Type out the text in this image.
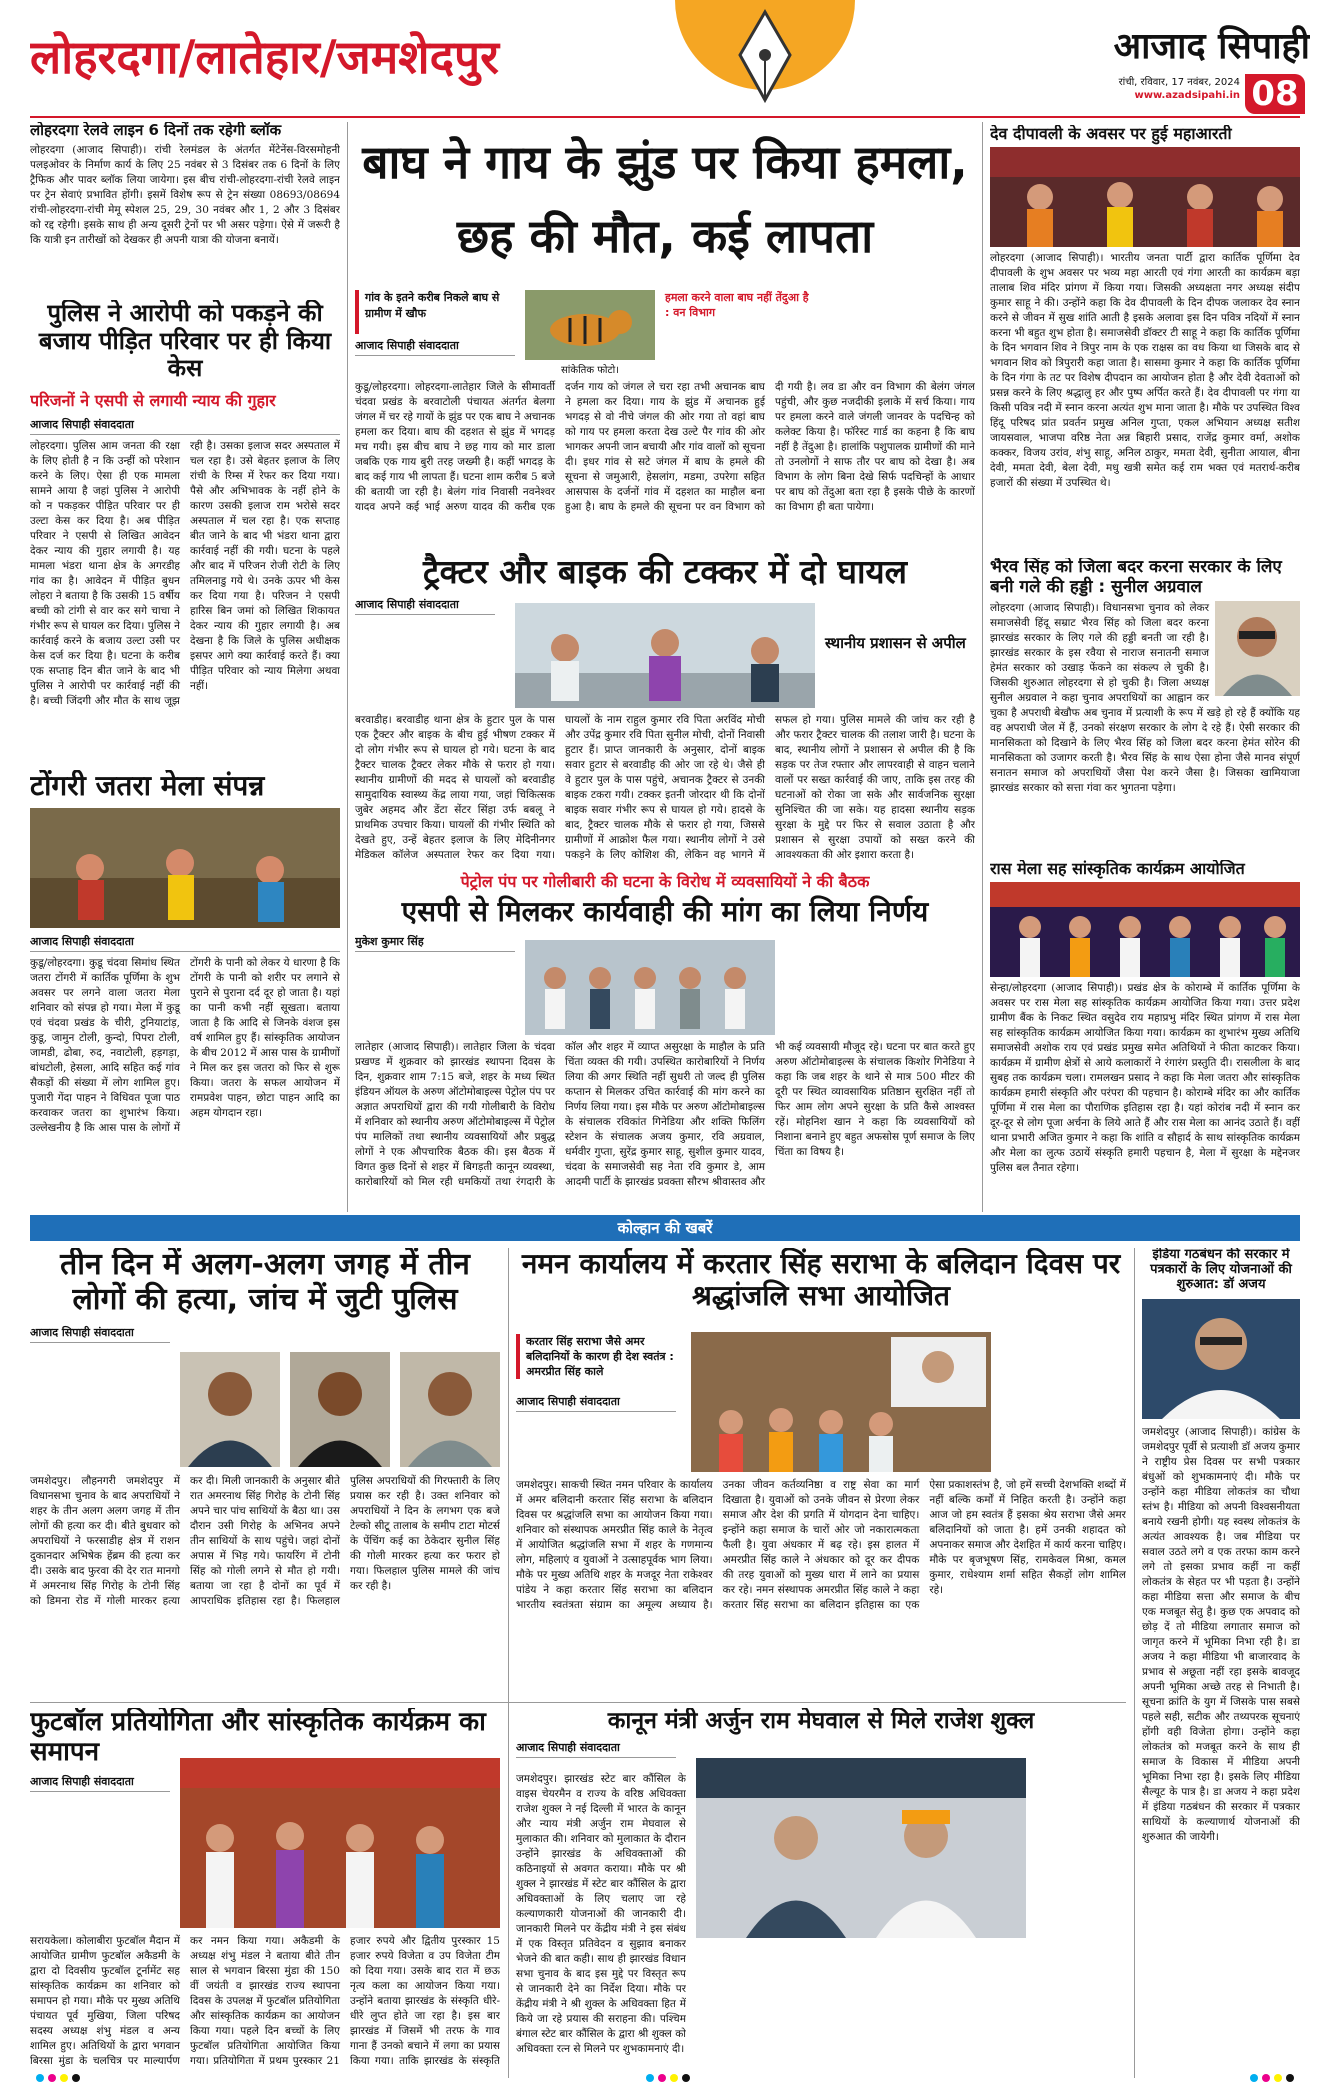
लोहरदगा/लातेहार/जमशेदपुर	आजाद सिपाही
रांची, रविवार, 17 नवंबर, 2024
www.azadsipahi.in 08
लोहरदगा रेलवे लाइन 6 दिनों तक रहेगी ब्लॉक

लोहरदगा (आजाद सिपाही)। रांची रेलमंडल के अंतर्गत मेंटेनेंस-विरसमोहनी पलइओवर के निर्माण कार्य के लिए 25 नवंबर से 3 दिसंबर तक 6 दिनों के लिए ट्रैफिक और पावर ब्लॉक लिया जायेगा। इस बीच रांची-लोहरदगा-रांची रेलवे लाइन पर ट्रेन सेवाएं प्रभावित होंगी। इसमें विशेष रूप से ट्रेन संख्या 08693/08694 रांची-लोहरदगा-रांची मेमू स्पेशल 25, 29, 30 नवंबर और 1, 2 और 3 दिसंबर को रद्द रहेगी। इसके साथ ही अन्य दूसरी ट्रेनों पर भी असर पड़ेगा। ऐसे में जरूरी है कि यात्री इन तारीखों को देखकर ही अपनी यात्रा की योजना बनायें।

पुलिस ने आरोपी को पकड़ने की बजाय पीड़ित परिवार पर ही किया केस
परिजनों ने एसपी से लगायी न्याय की गुहार
आजाद सिपाही संवाददाता

लोहरदगा। पुलिस आम जनता की रक्षा के लिए होती है न कि उन्हीं को परेशान करने के लिए। ऐसा ही एक मामला सामने आया है जहां पुलिस ने आरोपी को न पकड़कर पीड़ित परिवार पर ही उल्टा केस कर दिया है। अब पीड़ित परिवार ने एसपी से लिखित आवेदन देकर न्याय की गुहार लगायी है। यह मामला भंडरा थाना क्षेत्र के अगरडीह गांव का है। आवेदन में पीड़ित बुधन लोहरा ने बताया है कि उसकी 15 वर्षीय बच्ची को टांगी से वार कर सगे चाचा ने गंभीर रूप से घायल कर दिया। पुलिस ने कार्रवाई करने के बजाय उल्टा उसी पर केस दर्ज कर दिया है। घटना के करीब एक सप्ताह दिन बीत जाने के बाद भी पुलिस ने आरोपी पर कार्रवाई नहीं की है। बच्ची जिंदगी और मौत के साथ जूझ रही है। उसका इलाज सदर अस्पताल में चल रहा है। उसे बेहतर इलाज के लिए रांची के रिम्स में रेफर कर दिया गया। पैसे और अभिभावक के नहीं होने के कारण उसकी इलाज राम भरोसे सदर अस्पताल में चल रहा है। एक सप्ताह बीत जाने के बाद भी भंडरा थाना द्वारा कार्रवाई नहीं की गयी। घटना के पहले और बाद में परिजन रोजी रोटी के लिए तमिलनाडु गये थे। उनके ऊपर भी केस कर दिया गया है। परिजन ने एसपी हारिस बिन जमां को लिखित शिकायत देकर न्याय की गुहार लगायी है। अब देखना है कि जिले के पुलिस अधीक्षक इसपर आगे क्या कार्रवाई करते हैं। क्या पीड़ित परिवार को न्याय मिलेगा अथवा नहीं।

टोंगरी जतरा मेला संपन्न
आजाद सिपाही संवाददाता

कुडू/लोहरदगा। कुडू चंदवा सिमांध स्थित जतरा टोंगरी में कार्तिक पूर्णिमा के शुभ अवसर पर लगने वाला जतरा मेला शनिवार को संपन्न हो गया। मेला में कुडू एवं चंदवा प्रखंड के चीरी, टुनियाटांड़, कुडू, जामुन टोली, कुन्दो, पिपरा टोली, जामडी, ढोबा, रुद, नवाटोली, हड़गड़ा, बांधटोली, हेसला, आदि सहित कई गांव सैकड़ों की संख्या में लोग शामिल हुए। पुजारी गेंदा पाहन ने विधिवत पूजा पाठ करवाकर जतरा का शुभारंभ किया। उल्लेखनीय है कि आस पास के लोगों में टोंगरी के पानी को लेकर ये धारणा है कि टोंगरी के पानी को शरीर पर लगाने से पुराने से पुराना दर्द दूर हो जाता है। यहां का पानी कभी नहीं सूखता। बताया जाता है कि आदि से जिनके वंशज इस वर्ष शामिल हुए हैं। सांस्कृतिक आयोजन के बीच 2012 में आस पास के ग्रामीणों ने मिल कर इस जतरा को फिर से शुरू किया। जतरा के सफल आयोजन में रामप्रवेश पाहन, छोटा पाहन आदि का अहम योगदान रहा।

बाघ ने गाय के झुंड पर किया हमला, छह की मौत, कई लापता
गांव के इतने करीब निकले बाघ से ग्रामीण में खौफ
सांकेतिक फोटो।
आजाद सिपाही संवाददाता
हमला करने वाला बाघ नहीं तेंदुआ है : वन विभाग

कुडू/लोहरदगा। लोहरदगा-लातेहार जिले के सीमावर्ती चंदवा प्रखंड के बरवाटोली पंचायत अंतर्गत बेलगा जंगल में चर रहे गायों के झुंड पर एक बाघ ने अचानक हमला कर दिया। बाघ की दहशत से झुंड में भगदड़ मच गयी। इस बीच बाघ ने छह गाय को मार डाला जबकि एक गाय बुरी तरह जख्मी है। कहीं भगदड़ के बाद कई गाय भी लापता हैं। घटना शाम करीब 5 बजे की बतायी जा रही है। बेलंग गांव निवासी नवनेश्वर यादव अपने कई भाई अरुण यादव की करीब एक दर्जन गाय को जंगल ले चरा रहा तभी अचानक बाघ ने हमला कर दिया। गाय के झुंड में अचानक हुई भगदड़ से वो नीचे जंगल की ओर गया तो वहां बाघ को गाय पर हमला करता देख उल्टे पैर गांव की ओर भागकर अपनी जान बचायी और गांव वालों को सूचना दी। इधर गांव से सटे जंगल में बाघ के हमले की सूचना से जमुआरी, हेसलांग, मडमा, उपरेगा सहित आसपास के दर्जनों गांव में दहशत का माहौल बना हुआ है। बाघ के हमले की सूचना पर वन विभाग को दी गयी है। लव डा और वन विभाग की बेलंग जंगल पहुंची, और कुछ नजदीकी इलाके में सर्च किया। गाय पर हमला करने वाले जंगली जानवर के पदचिन्ह को कलेक्ट किया है। फॉरेस्ट गार्ड का कहना है कि बाघ नहीं है तेंदुआ है। हालांकि पशुपालक ग्रामीणों की माने तो उनलोगों ने साफ तौर पर बाघ को देखा है। अब विभाग के लोग बिना देखे सिर्फ पदचिन्हों के आधार पर बाघ को तेंदुआ बता रहा है इसके पीछे के कारणों का विभाग ही बता पायेगा।

ट्रैक्टर और बाइक की टक्कर में दो घायल
आजाद सिपाही संवाददाता
स्थानीय प्रशासन से अपील

बरवाडीह। बरवाडीह थाना क्षेत्र के हुटार पुल के पास एक ट्रैक्टर और बाइक के बीच हुई भीषण टक्कर में दो लोग गंभीर रूप से घायल हो गये। घटना के बाद ट्रैक्टर चालक ट्रैक्टर लेकर मौके से फरार हो गया। स्थानीय ग्रामीणों की मदद से घायलों को बरवाडीह सामुदायिक स्वास्थ्य केंद्र लाया गया, जहां चिकित्सक जुबेर अहमद और डेंटा सेंटर सिंहा उर्फ बबलू ने प्राथमिक उपचार किया। घायलों की गंभीर स्थिति को देखते हुए, उन्हें बेहतर इलाज के लिए मेदिनीनगर मेडिकल कॉलेज अस्पताल रेफर कर दिया गया। घायलों के नाम राहुल कुमार रवि पिता अरविंद मोची और उपेंद्र कुमार रवि पिता सुनील मोची, दोनों निवासी हुटार हैं। प्राप्त जानकारी के अनुसार, दोनों बाइक सवार हुटार से बरवाडीह की ओर जा रहे थे। जैसे ही वे हुटार पुल के पास पहुंचे, अचानक ट्रैक्टर से उनकी बाइक टकरा गयी। टक्कर इतनी जोरदार थी कि दोनों बाइक सवार गंभीर रूप से घायल हो गये। हादसे के बाद, ट्रैक्टर चालक मौके से फरार हो गया, जिससे ग्रामीणों में आक्रोश फैल गया। स्थानीय लोगों ने उसे पकड़ने के लिए कोशिश की, लेकिन वह भागने में सफल हो गया। पुलिस मामले की जांच कर रही है और फरार ट्रैक्टर चालक की तलाश जारी है। घटना के बाद, स्थानीय लोगों ने प्रशासन से अपील की है कि सड़क पर तेज रफ्तार और लापरवाही से वाहन चलाने वालों पर सख्त कार्रवाई की जाए, ताकि इस तरह की घटनाओं को रोका जा सके और सार्वजनिक सुरक्षा सुनिश्चित की जा सके। यह हादसा स्थानीय सड़क सुरक्षा के मुद्दे पर फिर से सवाल उठाता है और प्रशासन से सुरक्षा उपायों को सख्त करने की आवश्यकता की ओर इशारा करता है।

पेट्रोल पंप पर गोलीबारी की घटना के विरोध में व्यवसायियों ने की बैठक
एसपी से मिलकर कार्यवाही की मांग का लिया निर्णय
मुकेश कुमार सिंह

लातेहार (आजाद सिपाही)। लातेहार जिला के चंदवा प्रखण्ड में शुक्रवार को झारखंड स्थापना दिवस के दिन, शुक्रवार शाम 7:15 बजे, शहर के मध्य स्थित इंडियन ऑयल के अरुण ऑटोमोबाइल्स पेट्रोल पंप पर अज्ञात अपराधियों द्वारा की गयी गोलीबारी के विरोध में शनिवार को स्थानीय अरुण ऑटोमोबाइल्स में पेट्रोल पंप मालिकों तथा स्थानीय व्यवसायियों और प्रबुद्ध लोगों ने एक औपचारिक बैठक की। इस बैठक में विगत कुछ दिनों से शहर में बिगड़ती कानून व्यवस्था, कारोबारियों को मिल रही धमकियों तथा रंगदारी के कॉल और शहर में व्याप्त असुरक्षा के माहौल के प्रति चिंता व्यक्त की गयी। उपस्थित कारोबारियों ने निर्णय लिया की अगर स्थिति नहीं सुधरी तो जल्द ही पुलिस कप्तान से मिलकर उचित कार्रवाई की मांग करने का निर्णय लिया गया। इस मौके पर अरुण ऑटोमोबाइल्स के संचालक रविकांत गिनेडिया और शक्ति फिलिंग स्टेशन के संचालक अजय कुमार, रवि अग्रवाल, धर्मवीर गुप्ता, सुरेंद्र कुमार साहू, सुशील कुमार यादव, चंदवा के समाजसेवी सह नेता रवि कुमार डे, आम आदमी पार्टी के झारखंड प्रवक्ता सौरभ श्रीवास्तव और भी कई व्यवसायी मौजूद रहे। घटना पर बात करते हुए अरुण ऑटोमोबाइल्स के संचालक किशोर गिनेडिया ने कहा कि जब शहर के थाने से मात्र 500 मीटर की दूरी पर स्थित व्यावसायिक प्रतिष्ठान सुरक्षित नहीं तो फिर आम लोग अपने सुरक्षा के प्रति कैसे आश्वस्त रहें। मोहनिश खान ने कहा कि व्यवसायियों को निशाना बनाने हुए बहुत अफसोस पूर्ण समाज के लिए चिंता का विषय है।

देव दीपावली के अवसर पर हुई महाआरती

लोहरदगा (आजाद सिपाही)। भारतीय जनता पार्टी द्वारा कार्तिक पूर्णिमा देव दीपावली के शुभ अवसर पर भव्य महा आरती एवं गंगा आरती का कार्यक्रम बड़ा तालाब शिव मंदिर प्रांगण में किया गया। जिसकी अध्यक्षता नगर अध्यक्ष संदीप कुमार साहू ने की। उन्होंने कहा कि देव दीपावली के दिन दीपक जलाकर देव स्नान करने से जीवन में सुख शांति आती है इसके अलावा इस दिन पवित्र नदियों में स्नान करना भी बहुत शुभ होता है। समाजसेवी डॉक्टर टी साहू ने कहा कि कार्तिक पूर्णिमा के दिन भगवान शिव ने त्रिपुर नाम के एक राक्षस का वध किया था जिसके बाद से भगवान शिव को त्रिपुरारी कहा जाता है। सासमा कुमार ने कहा कि कार्तिक पूर्णिमा के दिन गंगा के तट पर विशेष दीपदान का आयोजन होता है और देवी देवताओं को प्रसन्न करने के लिए श्रद्धालु हर और पुष्प अर्पित करते हैं। देव दीपावली पर गंगा या किसी पवित्र नदी में स्नान करना अत्यंत शुभ माना जाता है। मौके पर उपस्थित विश्व हिंदू परिषद प्रांत प्रवर्तन प्रमुख अनिल गुप्ता, एकल अभियान अध्यक्ष सतीश जायसवाल, भाजपा वरिष्ठ नेता अन्न बिहारी प्रसाद, राजेंद्र कुमार वर्मा, अशोक कक्कर, विजय उरांव, शंभु साहू, अनिल ठाकुर, ममता देवी, सुनीता आयाल, बीना देवी, ममता देवी, बेला देवी, मधु खत्री समेत कई राम भक्त एवं मतरार्थ-करीब हजारों की संख्या में उपस्थित थे।

भैरव सिंह को जिला बदर करना सरकार के लिए बनी गले की हड्डी : सुनील अग्रवाल

लोहरदगा (आजाद सिपाही)। विधानसभा चुनाव को लेकर समाजसेवी हिंदू सम्राट भैरव सिंह को जिला बदर करना झारखंड सरकार के लिए गले की हड्डी बनती जा रही है। झारखंड सरकार के इस रवैया से नाराज सनातनी समाज हेमंत सरकार को उखाड़ फेंकने का संकल्प ले चुकी है। जिसकी शुरुआत लोहरदगा से हो चुकी है। जिला अध्यक्ष सुनील अग्रवाल ने कहा चुनाव अपराधियों का आह्वान कर चुका है अपराधी बेखौफ अब चुनाव में प्रत्याशी के रूप में खड़े हो रहे हैं क्योंकि यह वह अपराधी जेल में हैं, उनको संरक्षण सरकार के लोग दे रहे हैं। ऐसी सरकार की मानसिकता को दिखाने के लिए भैरव सिंह को जिला बदर करना हेमंत सोरेन की मानसिकता को उजागर करती है। भैरव सिंह के साथ ऐसा होना जैसे मानव संपूर्ण सनातन समाज को अपराधियों जैसा पेश करने जैसा है। जिसका खामियाजा झारखंड सरकार को सत्ता गंवा कर भुगतना पड़ेगा।

रास मेला सह सांस्कृतिक कार्यक्रम आयोजित

सेन्हा/लोहरदगा (आजाद सिपाही)। प्रखंड क्षेत्र के कोराम्बे में कार्तिक पूर्णिमा के अवसर पर रास मेला सह सांस्कृतिक कार्यक्रम आयोजित किया गया। उत्तर प्रदेश ग्रामीण बैंक के निकट स्थित वसुदेव राय महाप्रभु मंदिर स्थित प्रांगण में रास मेला सह सांस्कृतिक कार्यक्रम आयोजित किया गया। कार्यक्रम का शुभारंभ मुख्य अतिथि समाजसेवी अशोक राय एवं प्रखंड प्रमुख समेत अतिथियों ने फीता काटकर किया। कार्यक्रम में ग्रामीण क्षेत्रों से आये कलाकारों ने रंगारंग प्रस्तुति दी। रासलीला के बाद सुबह तक कार्यक्रम चला। रामलखन प्रसाद ने कहा कि मेला जतरा और सांस्कृतिक कार्यक्रम हमारी संस्कृति और परंपरा की पहचान है। कोराम्बे मंदिर का और कार्तिक पूर्णिमा में रास मेला का पौराणिक इतिहास रहा है। यहां कोरांब नदी में स्नान कर दूर-दूर से लोग पूजा अर्चना के लिये आते हैं और रास मेला का आनंद उठाते हैं। वहीं थाना प्रभारी अजित कुमार ने कहा कि शांति व सौहार्द के साथ सांस्कृतिक कार्यक्रम और मेला का लुत्फ उठायें संस्कृति हमारी पहचान है, मेला में सुरक्षा के मद्देनजर पुलिस बल तैनात रहेगा।

कोल्हान की खबरें
तीन दिन में अलग-अलग जगह में तीन लोगों की हत्या, जांच में जुटी पुलिस
आजाद सिपाही संवाददाता

जमशेदपुर। लौहनगरी जमशेदपुर में विधानसभा चुनाव के बाद अपराधियों ने शहर के तीन अलग अलग जगह में तीन लोगों की हत्या कर दी। बीते बुधवार को अपराधियों ने फरसाडीह क्षेत्र में राशन दुकानदार अभिषेक हेंब्रम की हत्या कर दी। उसके बाद फुरवा की देर रात मानगो में अमरनाथ सिंह गिरोह के टोनी सिंह को डिमना रोड में गोली मारकर हत्या कर दी। मिली जानकारी के अनुसार बीते रात अमरनाथ सिंह गिरोह के टोनी सिंह अपने चार पांच साथियों के बैठा था। उस दौरान उसी गिरोह के अभिनव अपने तीन साथियों के साथ पहुंचे। जहां दोनों अपास में भिड़ गये। फायरिंग में टोनी सिंह को गोली लगने से मौत हो गयी। बताया जा रहा है दोनों का पूर्व में आपराधिक इतिहास रहा है। फिलहाल पुलिस अपराधियों की गिरफ्तारी के लिए प्रयास कर रही है। उक्त शनिवार को अपराधियों ने दिन के लगभग एक बजे टेल्को सीटू तालाब के समीप टाटा मोटर्स के पेंचिंग कई का ठेकेदार सुनील सिंह की गोली मारकर हत्या कर फरार हो गया। फिलहाल पुलिस मामले की जांच कर रही है।

नमन कार्यालय में करतार सिंह सराभा के बलिदान दिवस पर श्रद्धांजलि सभा आयोजित
करतार सिंह सराभा जैसे अमर बलिदानियों के कारण ही देश स्वतंत्र : अमरप्रीत सिंह काले
आजाद सिपाही संवाददाता

जमशेदपुर। साकची स्थित नमन परिवार के कार्यालय में अमर बलिदानी करतार सिंह सराभा के बलिदान दिवस पर श्रद्धांजलि सभा का आयोजन किया गया। शनिवार को संस्थापक अमरप्रीत सिंह काले के नेतृत्व में आयोजित श्रद्धांजलि सभा में शहर के गणमान्य लोग, महिलाएं व युवाओं ने उत्साहपूर्वक भाग लिया। मौके पर मुख्य अतिथि शहर के मजदूर नेता राकेश्वर पांडेय ने कहा करतार सिंह सराभा का बलिदान भारतीय स्वतंत्रता संग्राम का अमूल्य अध्याय है। उनका जीवन कर्तव्यनिष्ठा व राष्ट्र सेवा का मार्ग दिखाता है। युवाओं को उनके जीवन से प्रेरणा लेकर समाज और देश की प्रगति में योगदान देना चाहिए। इन्होंने कहा समाज के चारों ओर जो नकारात्मकता फैली है। युवा अंधकार में बढ़ रहे। इस हालत में अमरप्रीत सिंह काले ने अंधकार को दूर कर दीपक की तरह युवाओं को मुख्य धारा में लाने का प्रयास कर रहे। नमन संस्थापक अमरप्रीत सिंह काले ने कहा करतार सिंह सराभा का बलिदान इतिहास का एक ऐसा प्रकाशस्तंभ है, जो हमें सच्ची देशभक्ति शब्दों में नहीं बल्कि कर्मों में निहित करती है। उन्होंने कहा आज जो हम स्वतंत्र हैं इसका श्रेय सराभा जैसे अमर बलिदानियों को जाता है। हमें उनकी शहादत को अपनाकर समाज और देशहित में कार्य करना चाहिए। मौके पर बृजभूषण सिंह, रामकेवल मिश्रा, कमल कुमार, राधेश्याम शर्मा सहित सैकड़ों लोग शामिल रहे।

इंडिया गठबंधन की सरकार में पत्रकारों के लिए योजनाओं की शुरुआत: डॉ अजय

जमशेदपुर (आजाद सिपाही)। कांग्रेस के जमशेदपुर पूर्वी से प्रत्याशी डॉ अजय कुमार ने राष्ट्रीय प्रेस दिवस पर सभी पत्रकार बंधुओं को शुभकामनाएं दी। मौके पर उन्होंने कहा मीडिया लोकतंत्र का चौथा स्तंभ है। मीडिया को अपनी विश्वसनीयता बनाये रखनी होगी। यह स्वस्थ लोकतंत्र के अत्यंत आवश्यक है। जब मीडिया पर सवाल उठते लगे व एक तरफा काम करने लगे तो इसका प्रभाव कहीं ना कहीं लोकतंत्र के सेहत पर भी पड़ता है। उन्होंने कहा मीडिया सत्ता और समाज के बीच एक मजबूत सेतु है। कुछ एक अपवाद को छोड़ दें तो मीडिया लगातार समाज को जागृत करने में भूमिका निभा रही है। डा अजय ने कहा मीडिया भी बाजारवाद के प्रभाव से अछूता नहीं रहा इसके बावजूद अपनी भूमिका अच्छे तरह से निभाती है। सूचना क्रांति के युग में जिसके पास सबसे पहले सही, सटीक और तथ्यपरक सूचनाएं होंगी वही विजेता होगा। उन्होंने कहा लोकतंत्र को मजबूत करने के साथ ही समाज के विकास में मीडिया अपनी भूमिका निभा रहा है। इसके लिए मीडिया सैल्यूट के पात्र है। डा अजय ने कहा प्रदेश में इंडिया गठबंधन की सरकार में पत्रकार साथियों के कल्याणार्थ योजनाओं की शुरुआत की जायेगी।

फुटबॉल प्रतियोगिता और सांस्कृतिक कार्यक्रम का समापन
आजाद सिपाही संवाददाता

सरायकेला। कोलाबीरा फुटबॉल मैदान में आयोजित ग्रामीण फुटबॉल अकैडमी के द्वारा दो दिवसीय फुटबॉल टूर्नामेंट सह सांस्कृतिक कार्यक्रम का शनिवार को समापन हो गया। मौके पर मुख्य अतिथि पंचायत पूर्व मुखिया, जिला परिषद सदस्य अध्यक्ष शंभु मंडल व अन्य शामिल हुए। अतिथियों के द्वारा भगवान बिरसा मुंडा के चलचित्र पर माल्यार्पण कर नमन किया गया। अकैडमी के अध्यक्ष शंभु मंडल ने बताया बीते तीन साल से भगवान बिरसा मुंडा की 150 वीं जयंती व झारखंड राज्य स्थापना दिवस के उपलक्ष में फुटबॉल प्रतियोगिता और सांस्कृतिक कार्यक्रम का आयोजन किया गया। पहले दिन बच्चों के लिए फुटबॉल प्रतियोगिता आयोजित किया गया। प्रतियोगिता में प्रथम पुरस्कार 21 हजार रुपये और द्वितीय पुरस्कार 15 हजार रुपये विजेता व उप विजेता टीम को दिया गया। उसके बाद रात में छऊ नृत्य कला का आयोजन किया गया। उन्होंने बताया झारखंड के संस्कृति धीरे-धीरे लुप्त होते जा रहा है। इस बार झारखंड में जिसमें भी तरफ के गाव गाना हैं उनको बचाने में लगा का प्रयास किया गया। ताकि झारखंड के संस्कृति

कानून मंत्री अर्जुन राम मेघवाल से मिले राजेश शुक्ल
आजाद सिपाही संवाददाता

जमशेदपुर। झारखंड स्टेट बार कौंसिल के वाइस चेयरमैन व राज्य के वरिष्ठ अधिवक्ता राजेश शुक्ल ने नई दिल्ली में भारत के कानून और न्याय मंत्री अर्जुन राम मेघवाल से मुलाकात की। शनिवार को मुलाकात के दौरान उन्होंने झारखंड के अधिवक्ताओं की कठिनाइयों से अवगत कराया। मौके पर श्री शुक्ल ने झारखंड में स्टेट बार कौंसिल के द्वारा अधिवक्ताओं के लिए चलाए जा रहे कल्याणकारी योजनाओं की जानकारी दी। जानकारी मिलने पर केंद्रीय मंत्री ने इस संबंध में एक विस्तृत प्रतिवेदन व सुझाव बनाकर भेजने की बात कही। साथ ही झारखंड विधान सभा चुनाव के बाद इस मुद्दे पर विस्तृत रूप से जानकारी देने का निर्देश दिया। मौके पर केंद्रीय मंत्री ने श्री शुक्ल के अधिवक्ता हित में किये जा रहे प्रयास की सराहना की। पश्चिम बंगाल स्टेट बार कौंसिल के द्वारा श्री शुक्ल को अधिवक्ता रत्न से मिलने पर शुभकामनाएं दी।
